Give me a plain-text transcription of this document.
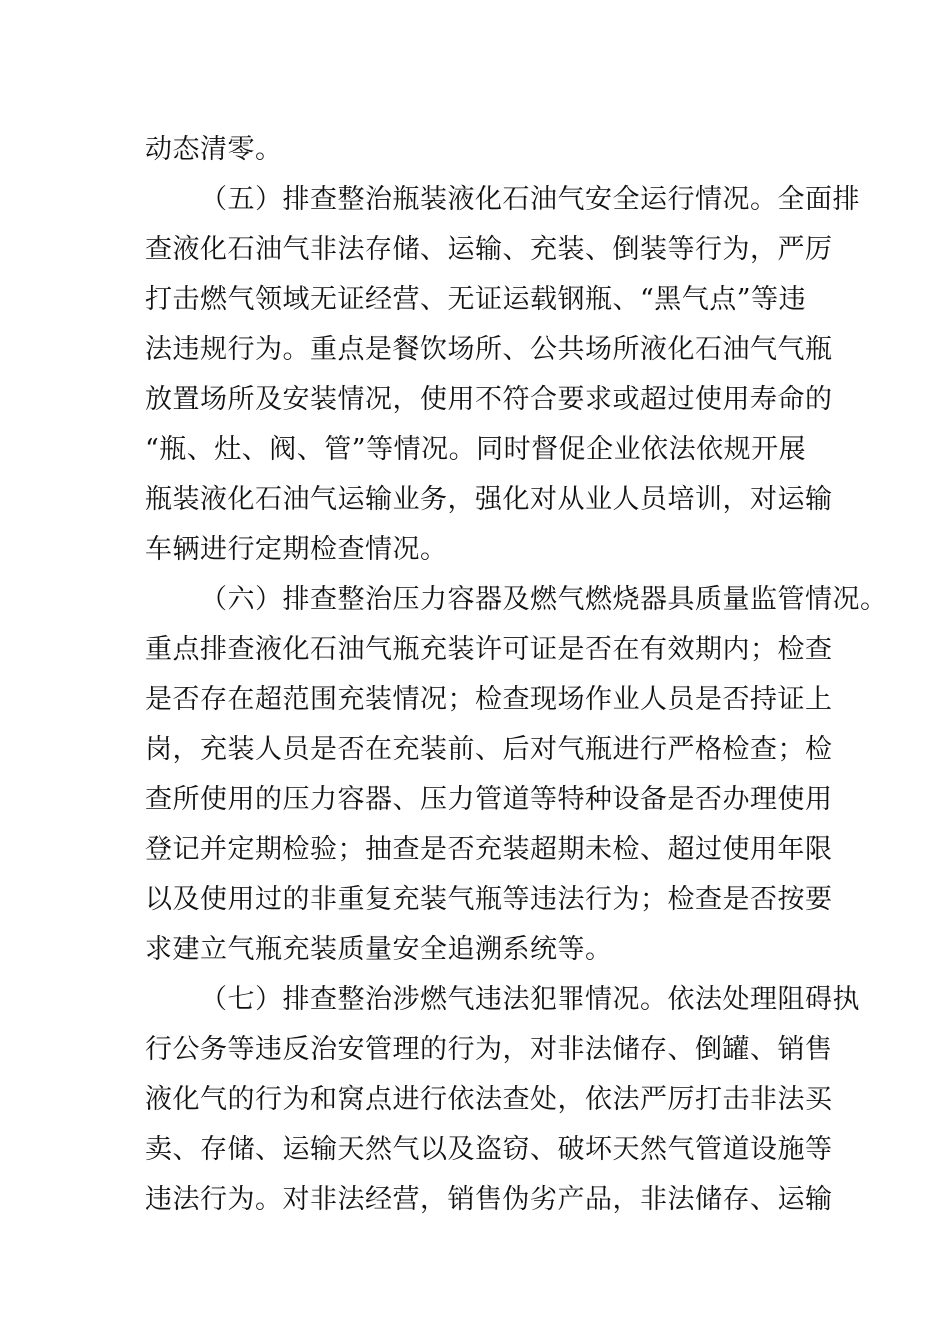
动态清零。
（五）排查整治瓶装液化石油气安全运行情况。全面排
查液化石油气非法存储、运输、充装、倒装等行为，严厉
打击燃气领域无证经营、无证运载钢瓶、“黑气点”等违
法违规行为。重点是餐饮场所、公共场所液化石油气气瓶
放置场所及安装情况，使用不符合要求或超过使用寿命的
“瓶、灶、阀、管”等情况。同时督促企业依法依规开展
瓶装液化石油气运输业务，强化对从业人员培训，对运输
车辆进行定期检查情况。
（六）排查整治压力容器及燃气燃烧器具质量监管情况。
重点排查液化石油气瓶充装许可证是否在有效期内；检查
是否存在超范围充装情况；检查现场作业人员是否持证上
岗，充装人员是否在充装前、后对气瓶进行严格检查；检
查所使用的压力容器、压力管道等特种设备是否办理使用
登记并定期检验；抽查是否充装超期未检、超过使用年限
以及使用过的非重复充装气瓶等违法行为；检查是否按要
求建立气瓶充装质量安全追溯系统等。
（七）排查整治涉燃气违法犯罪情况。依法处理阻碍执
行公务等违反治安管理的行为，对非法储存、倒罐、销售
液化气的行为和窝点进行依法查处，依法严厉打击非法买
卖、存储、运输天然气以及盗窃、破坏天然气管道设施等
违法行为。对非法经营，销售伪劣产品，非法储存、运输
